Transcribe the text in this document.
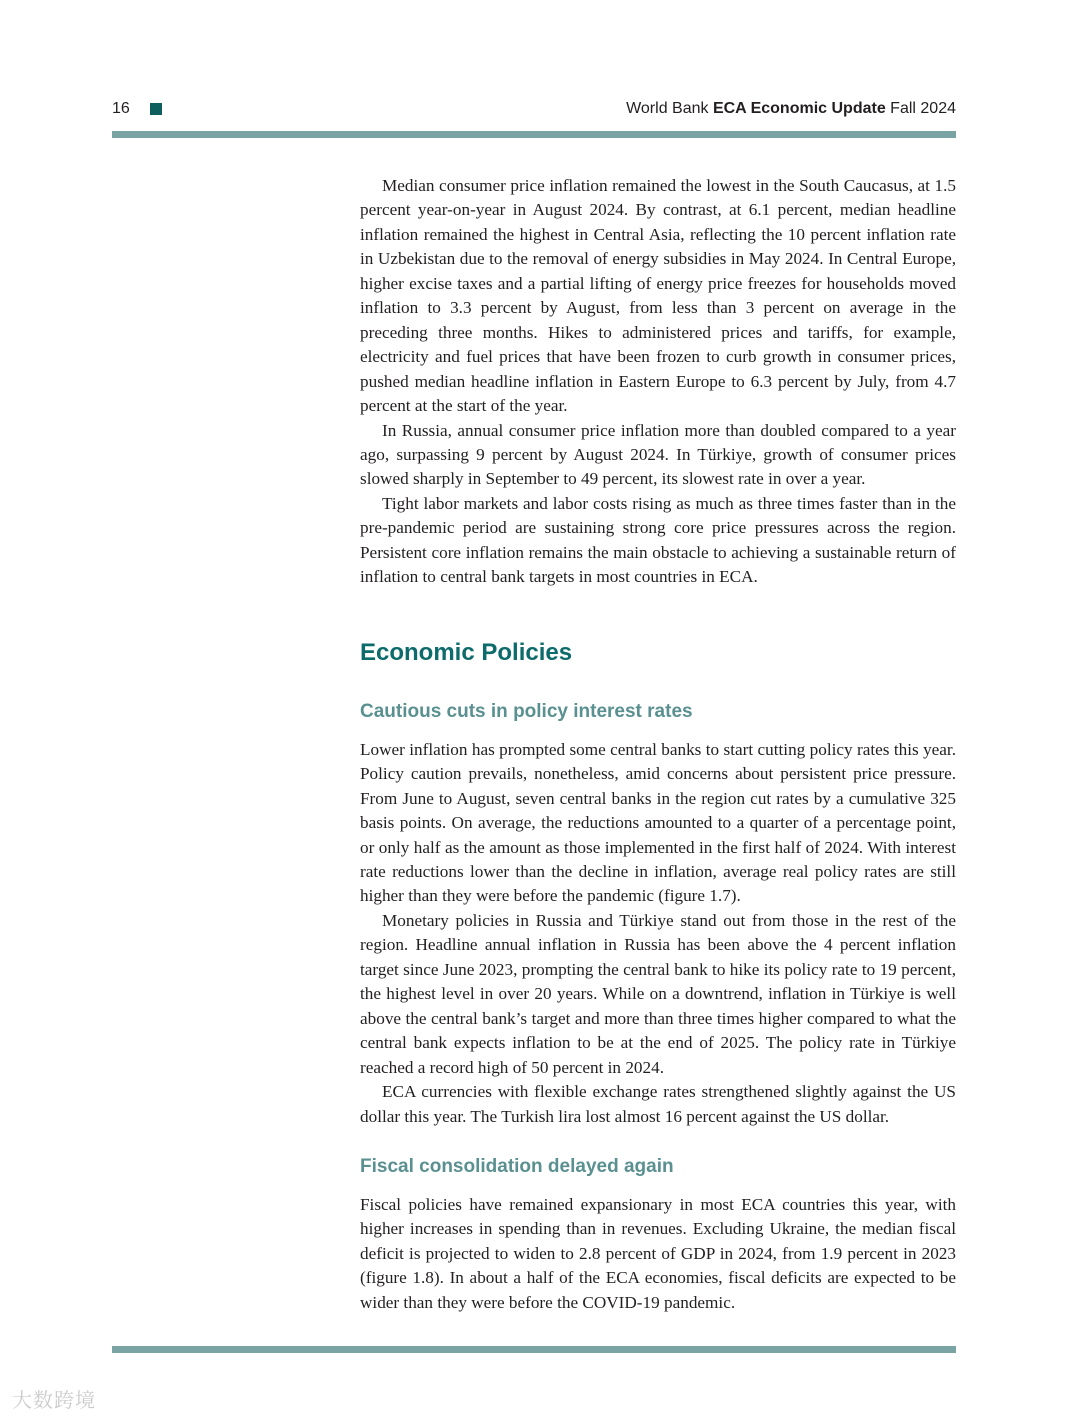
16	World Bank ECA Economic Update Fall 2024

Median consumer price inflation remained the lowest in the South Caucasus, at 1.5 percent year-on-year in August 2024. By contrast, at 6.1 percent, median headline inflation remained the highest in Central Asia, reflecting the 10 percent inflation rate in Uzbekistan due to the removal of energy subsidies in May 2024. In Central Europe, higher excise taxes and a partial lifting of energy price freezes for households moved inflation to 3.3 percent by August, from less than 3 percent on average in the preceding three months. Hikes to administered prices and tariffs, for example, electricity and fuel prices that have been frozen to curb growth in consumer prices, pushed median headline inflation in Eastern Europe to 6.3 percent by July, from 4.7 percent at the start of the year.

In Russia, annual consumer price inflation more than doubled compared to a year ago, surpassing 9 percent by August 2024. In Türkiye, growth of consumer prices slowed sharply in September to 49 percent, its slowest rate in over a year.

Tight labor markets and labor costs rising as much as three times faster than in the pre-pandemic period are sustaining strong core price pressures across the region. Persistent core inflation remains the main obstacle to achieving a sustainable return of inflation to central bank targets in most countries in ECA.

Economic Policies
Cautious cuts in policy interest rates

Lower inflation has prompted some central banks to start cutting policy rates this year. Policy caution prevails, nonetheless, amid concerns about persistent price pressure. From June to August, seven central banks in the region cut rates by a cumulative 325 basis points. On average, the reductions amounted to a quarter of a percentage point, or only half as the amount as those implemented in the first half of 2024. With interest rate reductions lower than the decline in inflation, average real policy rates are still higher than they were before the pandemic (figure 1.7).

Monetary policies in Russia and Türkiye stand out from those in the rest of the region. Headline annual inflation in Russia has been above the 4 percent inflation target since June 2023, prompting the central bank to hike its policy rate to 19 percent, the highest level in over 20 years. While on a downtrend, inflation in Türkiye is well above the central bank’s target and more than three times higher compared to what the central bank expects inflation to be at the end of 2025. The policy rate in Türkiye reached a record high of 50 percent in 2024.

ECA currencies with flexible exchange rates strengthened slightly against the US dollar this year. The Turkish lira lost almost 16 percent against the US dollar.

Fiscal consolidation delayed again

Fiscal policies have remained expansionary in most ECA countries this year, with higher increases in spending than in revenues. Excluding Ukraine, the median fiscal deficit is projected to widen to 2.8 percent of GDP in 2024, from 1.9 percent in 2023 (figure 1.8). In about a half of the ECA economies, fiscal deficits are expected to be wider than they were before the COVID-19 pandemic.

大数跨境
